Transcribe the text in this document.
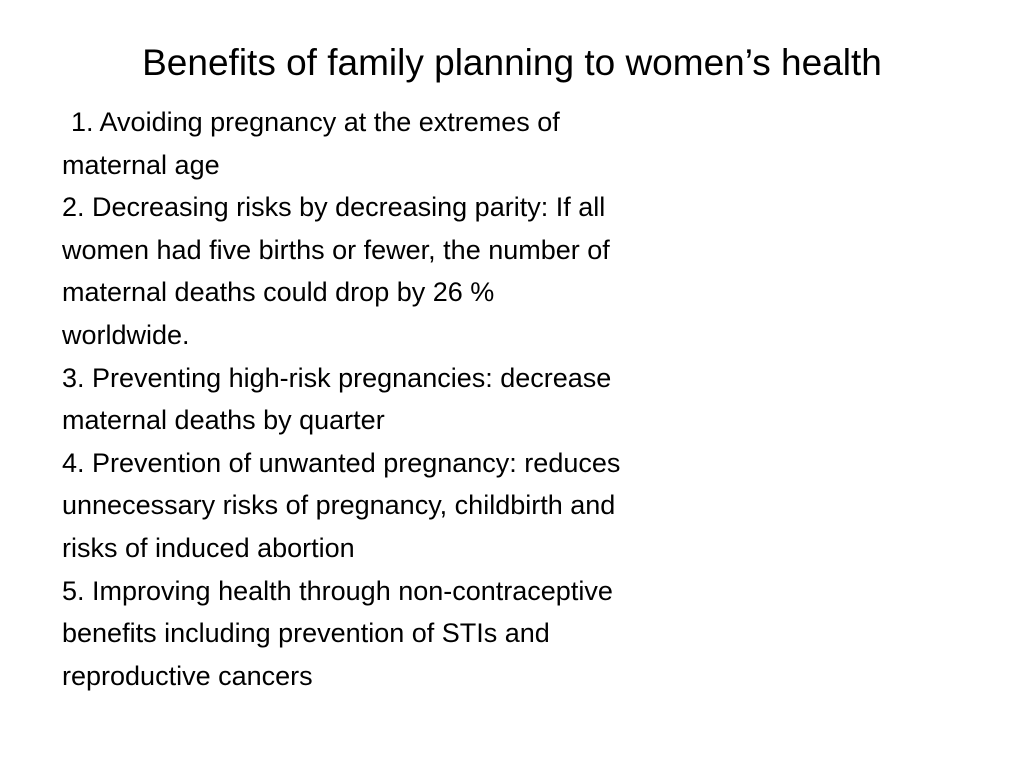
Benefits of family planning to women’s health
1. Avoiding pregnancy at the extremes of
maternal age
2. Decreasing risks by decreasing parity: If all
women had five births or fewer, the number of
maternal deaths could drop by 26 %
worldwide.
3. Preventing high-risk pregnancies: decrease
maternal deaths by quarter
4. Prevention of unwanted pregnancy: reduces
unnecessary risks of pregnancy, childbirth and
risks of induced abortion
5. Improving health through non-contraceptive
benefits including prevention of STIs and
reproductive cancers
